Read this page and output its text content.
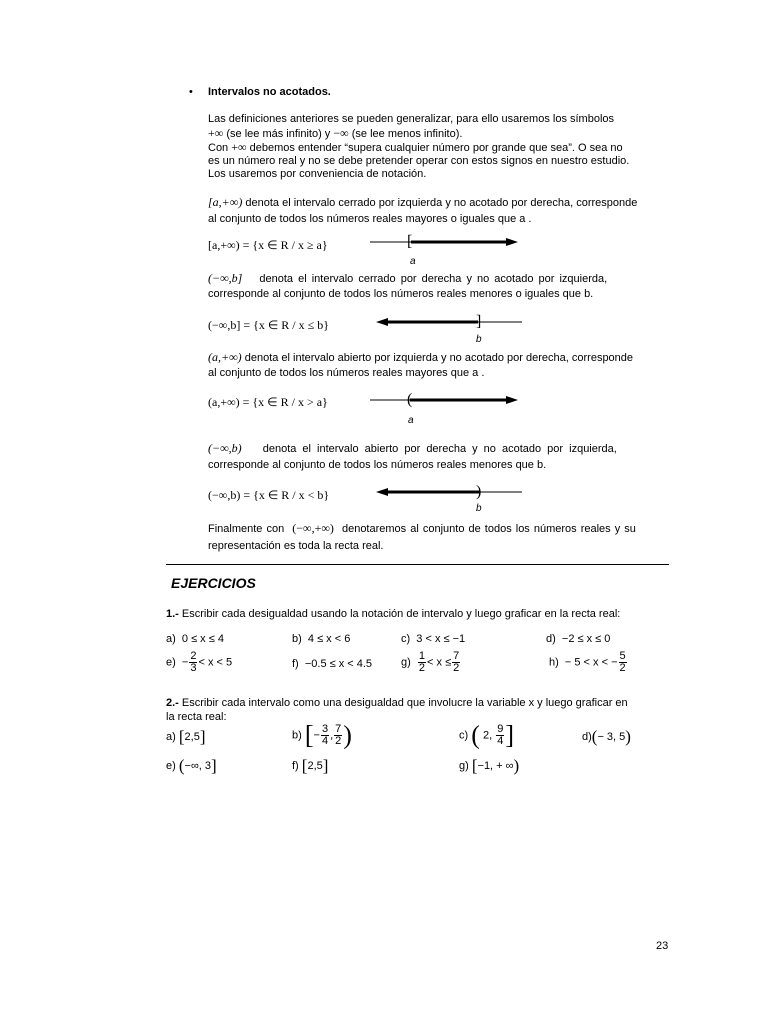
• Intervalos no acotados.
Las definiciones anteriores se pueden generalizar, para ello usaremos los símbolos
+∞ (se lee más infinito) y −∞ (se lee menos infinito).
Con +∞ debemos entender “supera cualquier número por grande que sea”. O sea no
es un número real y no se debe pretender operar con estos signos en nuestro estudio.
Los usaremos por conveniencia de notación.
[a,+∞) denota el intervalo cerrado por izquierda y no acotado por derecha, corresponde
al conjunto de todos los números reales mayores o iguales que a .
[a,+∞) = {x ∈ R / x ≥ a}	[
a
(−∞,b] denota el intervalo cerrado por derecha y no acotado por izquierda,
corresponde al conjunto de todos los números reales menores o iguales que b.
(−∞,b] = {x ∈ R / x ≤ b}	]
b
(a,+∞) denota el intervalo abierto por izquierda y no acotado por derecha, corresponde
al conjunto de todos los números reales mayores que a .
(a,+∞) = {x ∈ R / x > a}	(
a
(−∞,b) denota el intervalo abierto por derecha y no acotado por izquierda,
corresponde al conjunto de todos los números reales menores que b.
(−∞,b) = {x ∈ R / x < b}	)
b
Finalmente con (−∞,+∞) denotaremos al conjunto de todos los números reales y su
representación es toda la recta real.
EJERCICIOS
1.- Escribir cada desigualdad usando la notación de intervalo y luego graficar en la recta real:
a) 0 ≤ x ≤ 4	b) 4 ≤ x < 6	c) 3 < x ≤ −1	d) −2 ≤ x ≤ 0
$e) - \frac{2}{3} < x < 5$	f) −0.5 ≤ x < 4.5	$g) \frac{1}{2} < x \le \frac{7}{2}$	h) − 5 < x < − $\frac{5}{2}$
2.- Escribir cada intervalo como una desigualdad que involucre la variable x y luego graficar en
la recta real:
a) [2,5]	b) [− $\frac{3}{4}$ , $\frac{7}{2}$ )	c) ( 2, $\frac{9}{4}$ ]	d)(− 3, 5)
e) (−∞, 3]	f) [2,5]	g) [−1, + ∞)
23
